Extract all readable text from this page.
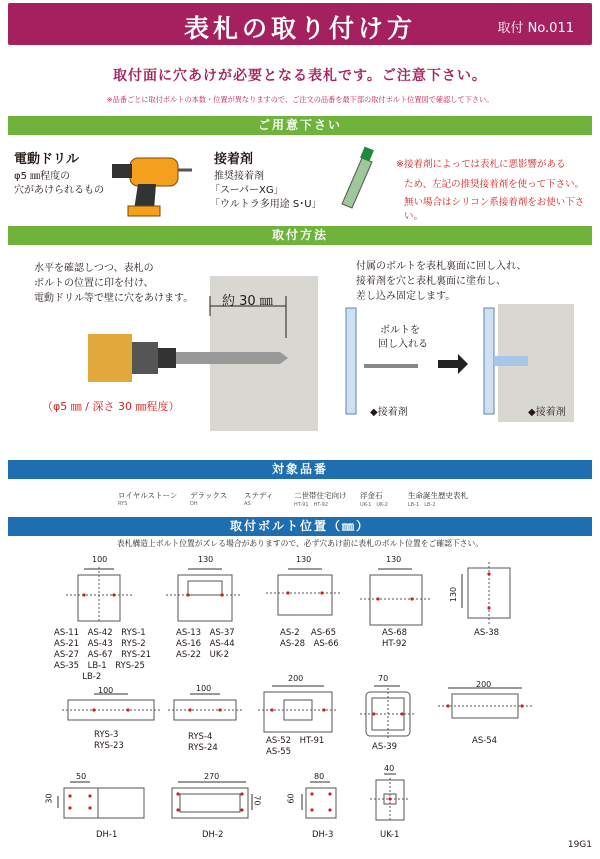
表札の取り付け方	取付 No.011
取付面に穴あけが必要となる表札です。ご注意下さい。
※品番ごとに取付ボルトの本数・位置が異なりますので、ご注文の品番を最下部の取付ボルト位置図で確認して下さい。
ご用意下さい
電動ドリル
φ5 ㎜程度の
穴があけられるもの
接着剤
推奨接着剤
「スーパーXG」
「ウルトラ多用途 S･U」
※接着剤によっては表札に悪影響がある
ため、左記の推奨接着剤を使って下さい。
無い場合はシリコン系接着剤をお使い下さい。
取付方法
水平を確認しつつ、表札の
ボルトの位置に印を付け、
電動ドリル等で壁に穴をあけます。 約 30 ㎜
（φ5 ㎜ / 深さ 30 ㎜程度）
付属のボルトを表札裏面に回し入れ、
接着剤を穴と表札裏面に塗布し、
差し込み固定します。
ボルトを
回し入れる
◆接着剤	◆接着剤
対象品番
ロイヤルストーン
RYS
デラックス
DH
ステディ
AS
二世帯住宅向け
HT-91　HT-92
浮金石
UK-1　UK-2
生命誕生歴史表札
LB-1　LB-2
取付ボルト位置（㎜）
表札構造上ボルト位置がズレる場合がありますので、必ず穴あけ前に表札のボルト位置をご確認下さい。
100
AS-11　AS-42　RYS-1
AS-21　AS-43　RYS-2
AS-27　AS-67　RYS-21
AS-35　LB-1　RYS-25
　　　 LB-2
130
AS-13　AS-37
AS-16　AS-44
AS-22　UK-2
130
AS-2　 AS-65
AS-28　AS-66
130
AS-68
HT-92
130
AS-38
100
RYS-3
RYS-23
100
RYS-4
RYS-24
200
AS-52　HT-91
AS-55
70
AS-39
200
AS-54
50
30
DH-1
270
70
DH-2
80
60
DH-3
40
UK-1
19G1
